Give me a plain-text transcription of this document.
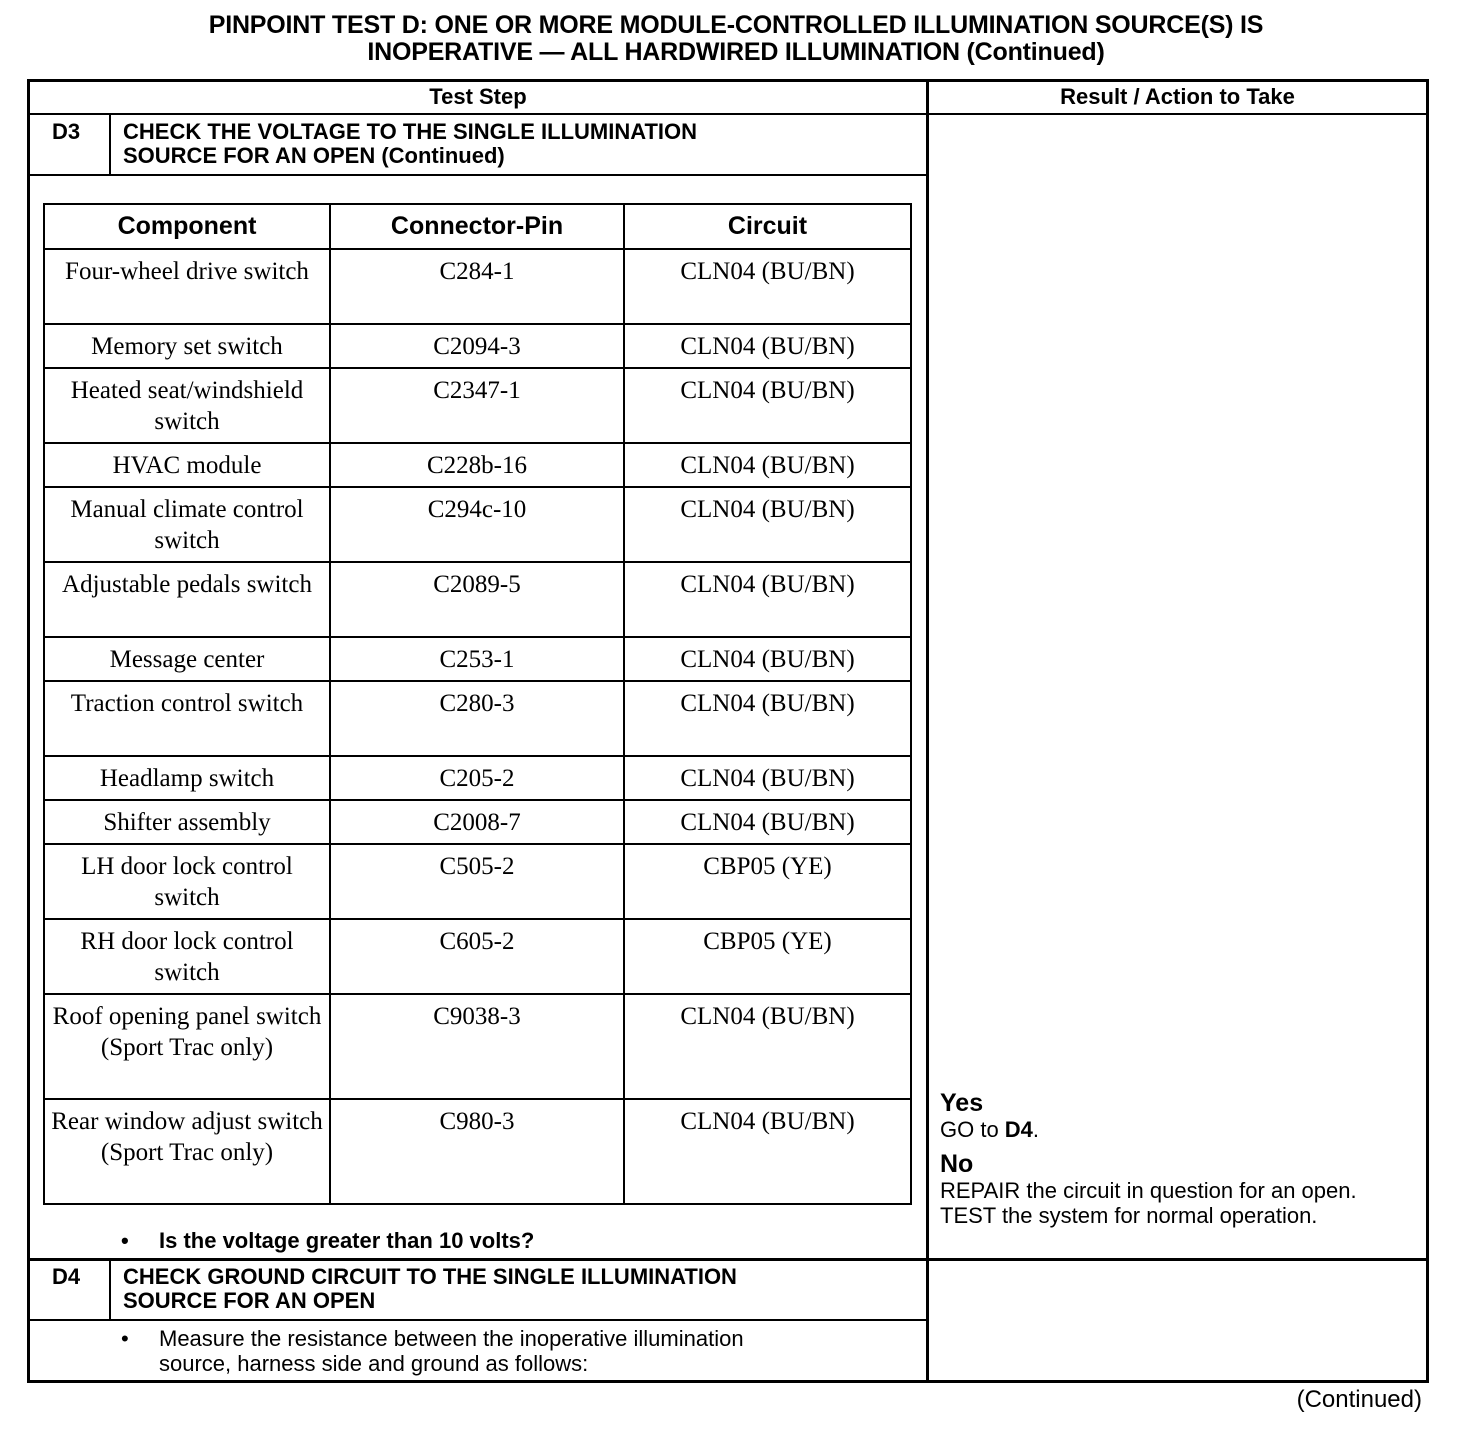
PINPOINT TEST D: ONE OR MORE MODULE-CONTROLLED ILLUMINATION SOURCE(S) IS
INOPERATIVE — ALL HARDWIRED ILLUMINATION (Continued)
Test Step	Result / Action to Take
D3 CHECK THE VOLTAGE TO THE SINGLE ILLUMINATION
SOURCE FOR AN OPEN (Continued)
Component	Connector-Pin	Circuit
Four-wheel drive switch	C284-1	CLN04 (BU/BN)
Memory set switch	C2094-3	CLN04 (BU/BN)
Heated seat/windshield switch	C2347-1	CLN04 (BU/BN)
HVAC module	C228b-16	CLN04 (BU/BN)
Manual climate control switch	C294c-10	CLN04 (BU/BN)
Adjustable pedals switch	C2089-5	CLN04 (BU/BN)
Message center	C253-1	CLN04 (BU/BN)
Traction control switch	C280-3	CLN04 (BU/BN)
Headlamp switch	C205-2	CLN04 (BU/BN)
Shifter assembly	C2008-7	CLN04 (BU/BN)
LH door lock control switch	C505-2	CBP05 (YE)
RH door lock control switch	C605-2	CBP05 (YE)
Roof opening panel switch (Sport Trac only)	C9038-3	CLN04 (BU/BN)
Rear window adjust switch (Sport Trac only)	C980-3	CLN04 (BU/BN)
• Is the voltage greater than 10 volts?
Yes
GO to D4.
No
REPAIR the circuit in question for an open. TEST the system for normal operation.
D4 CHECK GROUND CIRCUIT TO THE SINGLE ILLUMINATION
SOURCE FOR AN OPEN
• Measure the resistance between the inoperative illumination
source, harness side and ground as follows:
(Continued)
